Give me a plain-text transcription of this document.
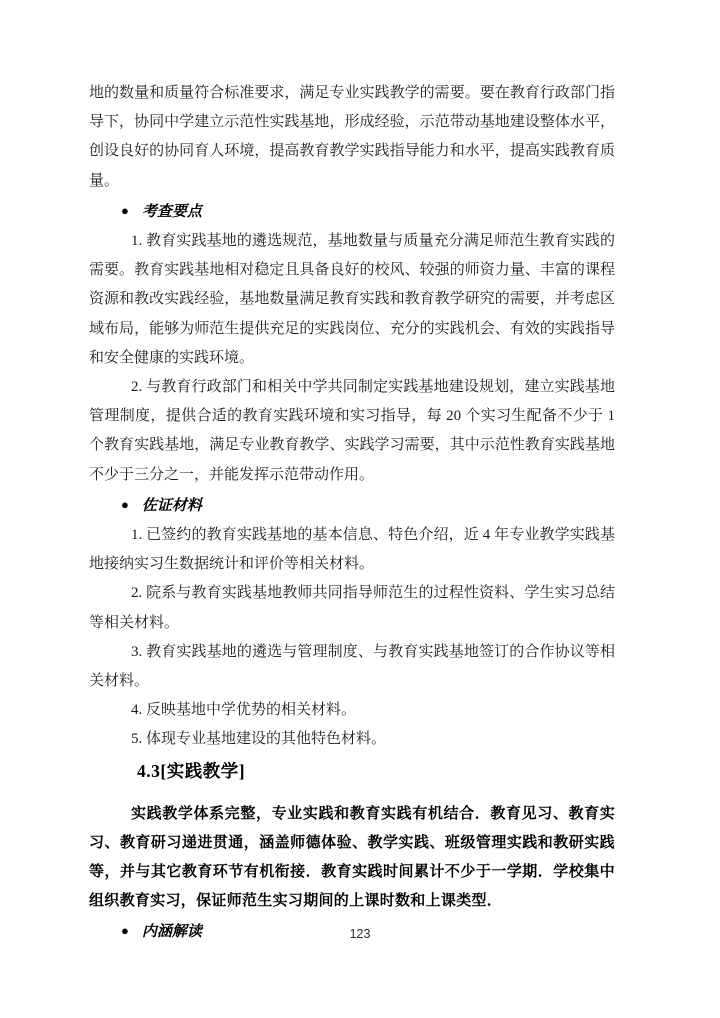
地的数量和质量符合标准要求，满足专业实践教学的需要。要在教育行政部门指导下，协同中学建立示范性实践基地，形成经验，示范带动基地建设整体水平，创设良好的协同育人环境，提高教育教学实践指导能力和水平，提高实践教育质量。

● 考查要点

1. 教育实践基地的遴选规范，基地数量与质量充分满足师范生教育实践的需要。教育实践基地相对稳定且具备良好的校风、较强的师资力量、丰富的课程资源和教改实践经验，基地数量满足教育实践和教育教学研究的需要，并考虑区域布局，能够为师范生提供充足的实践岗位、充分的实践机会、有效的实践指导和安全健康的实践环境。

2. 与教育行政部门和相关中学共同制定实践基地建设规划，建立实践基地管理制度，提供合适的教育实践环境和实习指导，每 20 个实习生配备不少于 1 个教育实践基地，满足专业教育教学、实践学习需要，其中示范性教育实践基地不少于三分之一，并能发挥示范带动作用。

● 佐证材料

1. 已签约的教育实践基地的基本信息、特色介绍，近 4 年专业教学实践基地接纳实习生数据统计和评价等相关材料。

2. 院系与教育实践基地教师共同指导师范生的过程性资料、学生实习总结等相关材料。

3. 教育实践基地的遴选与管理制度、与教育实践基地签订的合作协议等相关材料。

4. 反映基地中学优势的相关材料。

5. 体现专业基地建设的其他特色材料。

4.3[实践教学]

实践教学体系完整，专业实践和教育实践有机结合．教育见习、教育实习、教育研习递进贯通，涵盖师德体验、教学实践、班级管理实践和教研实践等，并与其它教育环节有机衔接．教育实践时间累计不少于一学期．学校集中组织教育实习，保证师范生实习期间的上课时数和上课类型．

● 内涵解读	123
